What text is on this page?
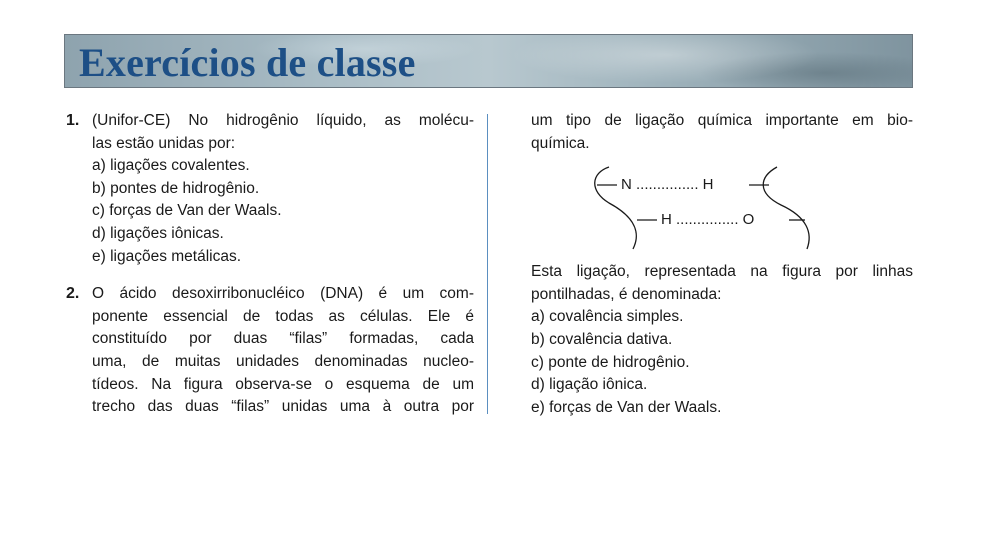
Exercícios de classe
1. (Unifor-CE) No hidrogênio líquido, as molécu-
las estão unidas por:
a) ligações covalentes.
b) pontes de hidrogênio.
c) forças de Van der Waals.
d) ligações iônicas.
e) ligações metálicas.
2. O ácido desoxirribonucléico (DNA) é um com-
ponente essencial de todas as células. Ele é
constituído por duas “filas” formadas, cada
uma, de muitas unidades denominadas nucleo-
tídeos. Na figura observa-se o esquema de um
trecho das duas “filas” unidas uma à outra por
um tipo de ligação química importante em bio-
química.
N ............... H
H ............... O
Esta ligação, representada na figura por linhas
pontilhadas, é denominada:
a) covalência simples.
b) covalência dativa.
c) ponte de hidrogênio.
d) ligação iônica.
e) forças de Van der Waals.
